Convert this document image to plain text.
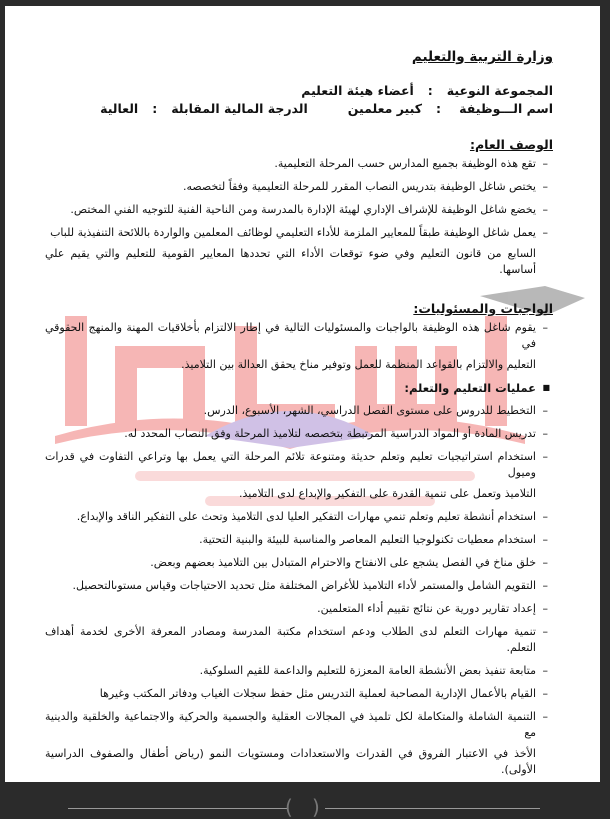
وزارة التربية والتعليم
المجموعة النوعية
:
أعضاء هيئة التعليم
اسم الـــوظيفة
:
كبير معلمين
الدرجة المالية المقابلة
:
العالية
الوصف العام:
–
تقع هذه الوظيفة بجميع المدارس حسب المرحلة التعليمية.
–
يختص شاغل الوظيفة بتدريس النصاب المقرر للمرحلة التعليمية وفقاً لتخصصه.
–
يخضع شاغل الوظيفة للإشراف الإداري لهيئة الإدارة بالمدرسة ومن الناحية الفنية للتوجيه الفني المختص.
–
يعمل شاغل الوظيفة طبقاً للمعايير الملزمة للأداء التعليمي لوظائف المعلمين والواردة باللائحة التنفيذية للباب
السابع من قانون التعليم وفي ضوء توقعات الأداء التي تحددها المعايير القومية للتعليم والتي يقيم علي أساسها.
الواجبات والمسئوليات:
–
يقوم شاغل هذه الوظيفة بالواجبات والمسئوليات التالية في إطار الالتزام بأخلاقيات المهنة والمنهج الحقوقي في
التعليم والالتزام بالقواعد المنظمة للعمل وتوفير مناخ يحقق العدالة بين التلاميذ.
■
عمليات التعليم والتعلم:
–
التخطيط للدروس على مستوى الفصل الدراسي، الشهر، الأسبوع، الدرس.
–
تدريس المادة أو المواد الدراسية المرتبطة بتخصصه لتلاميذ المرحلة وفق النصاب المحدد له.
–
استخدام استراتيجيات تعليم وتعلم حديثة ومتنوعة تلائم المرحلة التي يعمل بها وتراعي التفاوت في قدرات وميول
التلاميذ وتعمل على تنمية القدرة على التفكير والإبداع لدى التلاميذ.
–
استخدام أنشطة تعليم وتعلم تنمي مهارات التفكير العليا لدى التلاميذ وتحث على التفكير الناقد والإبداع.
–
استخدام معطيات تكنولوجيا التعليم المعاصر والمناسبة للبيئة والبنية التحتية.
–
خلق مناخ في الفصل يشجع على الانفتاح والاحترام المتبادل بين التلاميذ بعضهم وبعض.
–
التقويم الشامل والمستمر لأداء التلاميذ للأغراض المختلفة مثل تحديد الاحتياجات وقياس مستوىالتحصيل.
–
إعداد تقارير دورية عن نتائج تقييم أداء المتعلمين.
–
تنمية مهارات التعلم لدى الطلاب ودعم استخدام مكتبة المدرسة ومصادر المعرفة الأخرى لخدمة أهداف التعلم.
–
متابعة تنفيذ بعض الأنشطة العامة المعززة للتعليم والداعمة للقيم السلوكية.
–
القيام بالأعمال الإدارية المصاحبة لعملية التدريس مثل حفظ سجلات الغياب ودفاتر المكتب وغيرها
–
التنمية الشاملة والمتكاملة لكل تلميذ في المجالات العقلية والجسمية والحركية والاجتماعية والخلقية والدينية مع
الأخذ في الاعتبار الفروق في القدرات والاستعدادات ومستويات النمو (رياض أطفال والصفوف الدراسية الأولى).
( )
